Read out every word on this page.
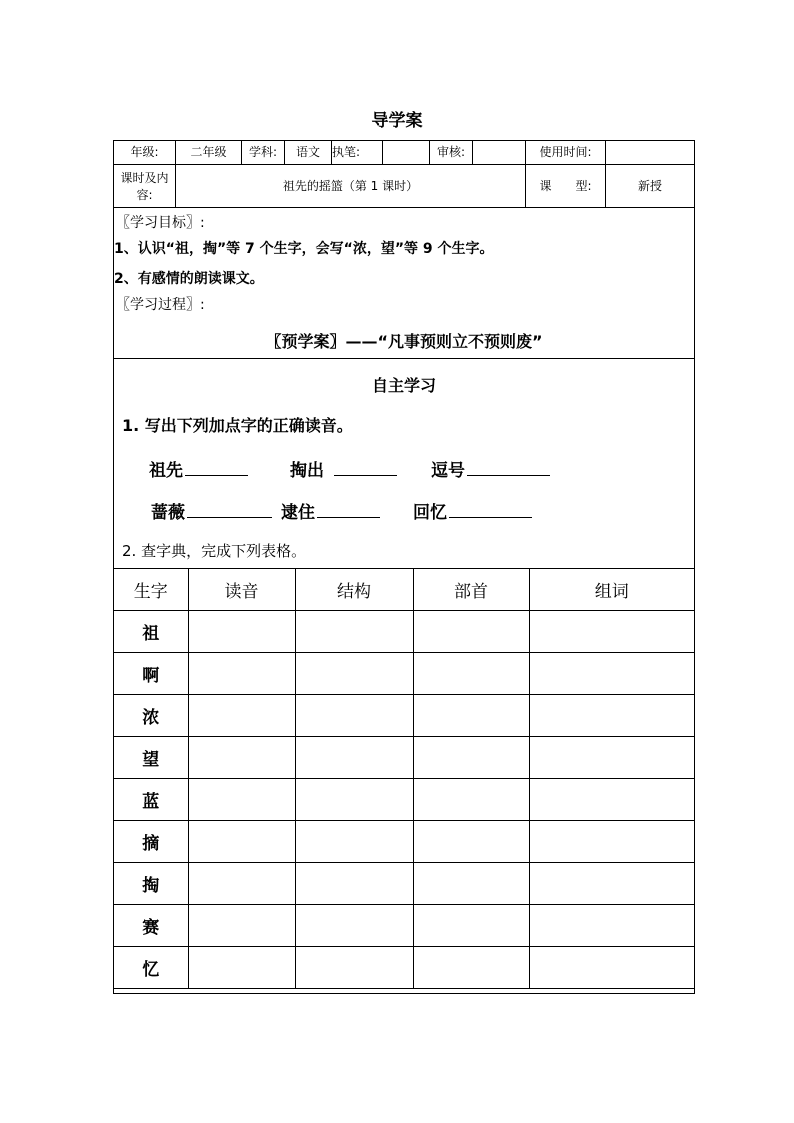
导学案
年级:	二年级	学科:	语文	执笔:	审核:	使用时间:
课时及内
容:
祖先的摇篮（第 1 课时）	课　　型:	新授
〖学习目标〗:
1、认识“祖，掏”等 7 个生字，会写“浓，望”等 9 个生字。
2、有感情的朗读课文。
〖学习过程〗:
〖预学案〗——“凡事预则立不预则废”
自主学习
1. 写出下列加点字的正确读音。
祖先	掏出	逗号
蔷薇	逮住	回忆
2. 查字典，完成下列表格。
生字	读音	结构	部首	组词
祖				
啊				
浓				
望				
蓝				
摘				
掏				
赛				
忆				
